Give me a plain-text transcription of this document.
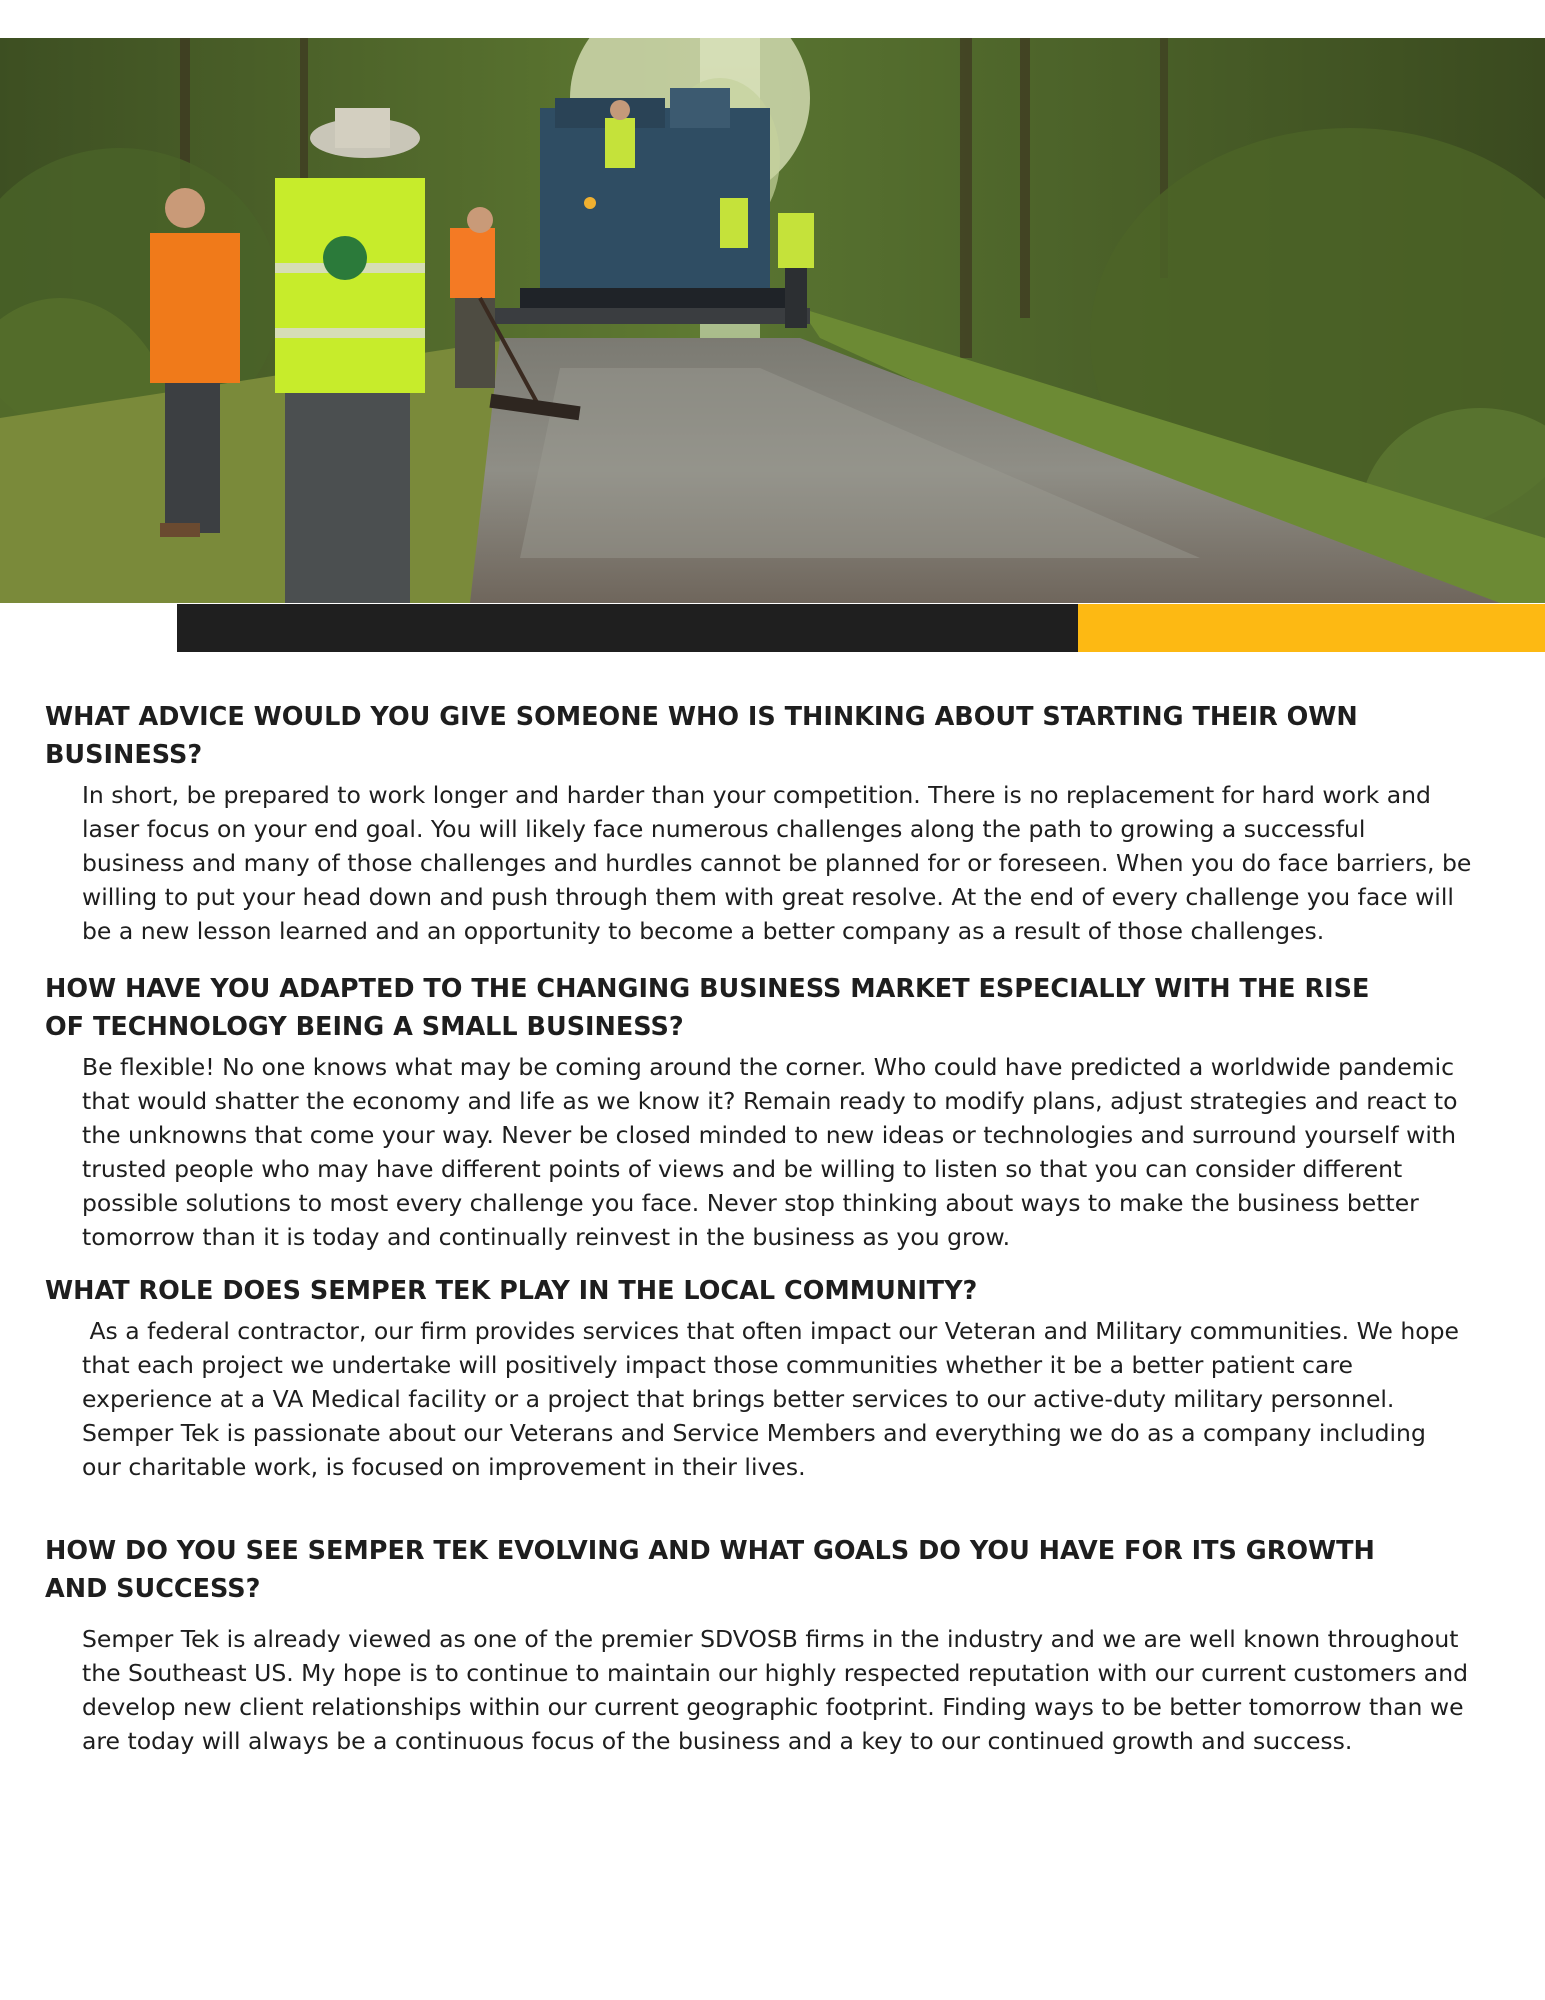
WHAT ADVICE WOULD YOU GIVE SOMEONE WHO IS THINKING ABOUT STARTING THEIR OWN BUSINESS?

In short, be prepared to work longer and harder than your competition. There is no replacement for hard work and laser focus on your end goal. You will likely face numerous challenges along the path to growing a successful business and many of those challenges and hurdles cannot be planned for or foreseen. When you do face barriers, be willing to put your head down and push through them with great resolve. At the end of every challenge you face will be a new lesson learned and an opportunity to become a better company as a result of those challenges.

HOW HAVE YOU ADAPTED TO THE CHANGING BUSINESS MARKET ESPECIALLY WITH THE RISE OF TECHNOLOGY BEING A SMALL BUSINESS?

Be flexible! No one knows what may be coming around the corner. Who could have predicted a worldwide pandemic that would shatter the economy and life as we know it? Remain ready to modify plans, adjust strategies and react to the unknowns that come your way. Never be closed minded to new ideas or technologies and surround yourself with trusted people who may have different points of views and be willing to listen so that you can consider different possible solutions to most every challenge you face. Never stop thinking about ways to make the business better tomorrow than it is today and continually reinvest in the business as you grow.

WHAT ROLE DOES SEMPER TEK PLAY IN THE LOCAL COMMUNITY?

As a federal contractor, our firm provides services that often impact our Veteran and Military communities. We hope that each project we undertake will positively impact those communities whether it be a better patient care experience at a VA Medical facility or a project that brings better services to our active-duty military personnel. Semper Tek is passionate about our Veterans and Service Members and everything we do as a company including our charitable work, is focused on improvement in their lives.

HOW DO YOU SEE SEMPER TEK EVOLVING AND WHAT GOALS DO YOU HAVE FOR ITS GROWTH AND SUCCESS?

Semper Tek is already viewed as one of the premier SDVOSB firms in the industry and we are well known throughout the Southeast US. My hope is to continue to maintain our highly respected reputation with our current customers and develop new client relationships within our current geographic footprint. Finding ways to be better tomorrow than we are today will always be a continuous focus of the business and a key to our continued growth and success.
